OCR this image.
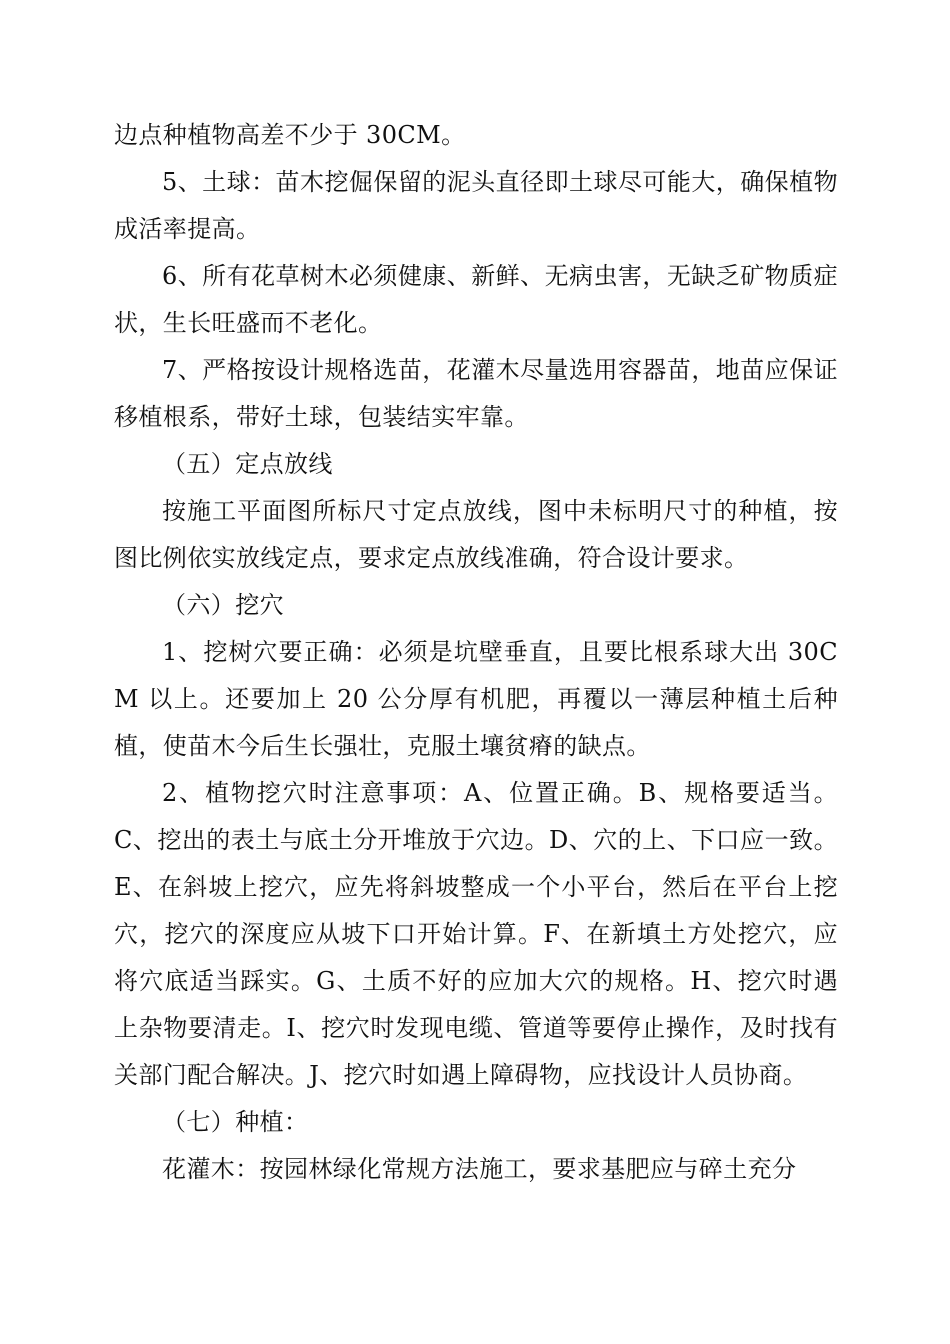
边点种植物高差不少于 30CM。

5、土球：苗木挖倔保留的泥头直径即土球尽可能大，确保植物成活率提高。

6、所有花草树木必须健康、新鲜、无病虫害，无缺乏矿物质症状，生长旺盛而不老化。

7、严格按设计规格选苗，花灌木尽量选用容器苗，地苗应保证移植根系，带好土球，包装结实牢靠。

（五）定点放线

按施工平面图所标尺寸定点放线，图中未标明尺寸的种植，按图比例依实放线定点，要求定点放线准确，符合设计要求。

（六）挖穴

1、挖树穴要正确：必须是坑壁垂直，且要比根系球大出 30CM 以上。还要加上 20 公分厚有机肥，再覆以一薄层种植土后种植，使苗木今后生长强壮，克服土壤贫瘠的缺点。

2、植物挖穴时注意事项：A、位置正确。B、规格要适当。C、挖出的表土与底土分开堆放于穴边。D、穴的上、下口应一致。E、在斜坡上挖穴，应先将斜坡整成一个小平台，然后在平台上挖穴，挖穴的深度应从坡下口开始计算。F、在新填土方处挖穴，应将穴底适当踩实。G、土质不好的应加大穴的规格。H、挖穴时遇上杂物要清走。I、挖穴时发现电缆、管道等要停止操作，及时找有关部门配合解决。J、挖穴时如遇上障碍物，应找设计人员协商。

（七）种植：

花灌木：按园林绿化常规方法施工，要求基肥应与碎土充分
